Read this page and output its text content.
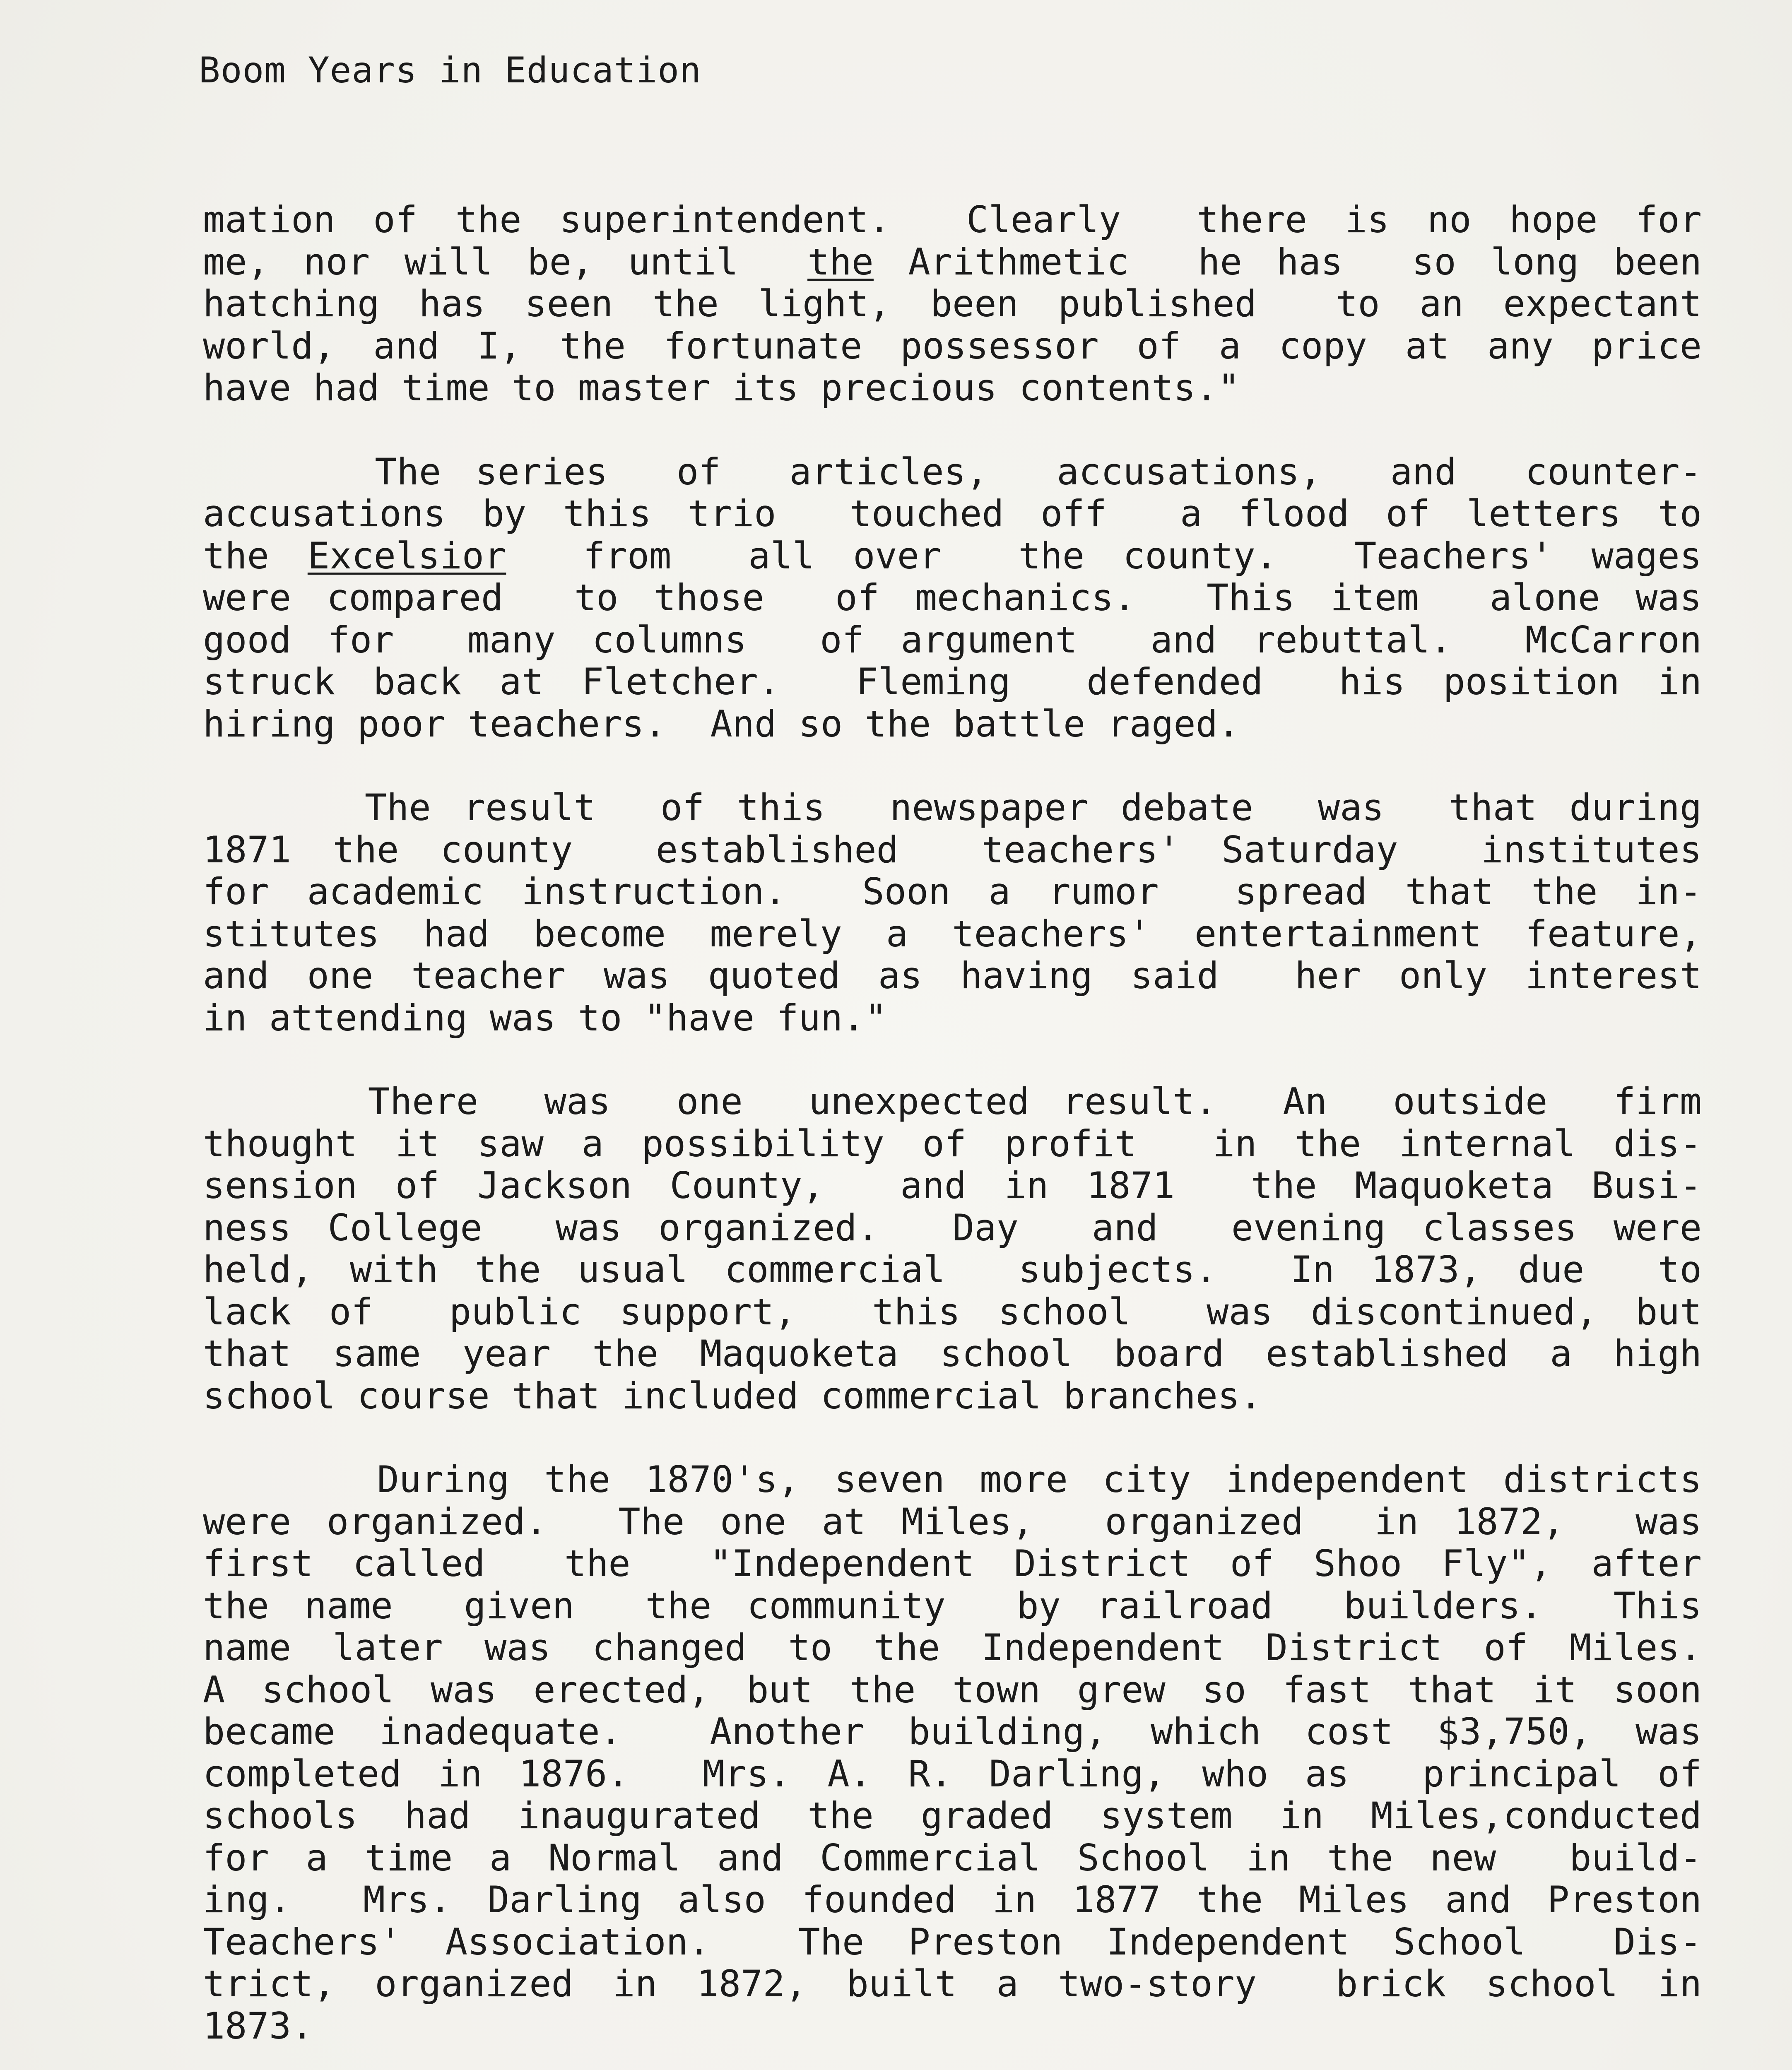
Boom Years in Education
mation of the superintendent.  Clearly  there is no hope for
me, nor will be, until  the Arithmetic  he has  so long been
hatching has seen the light, been published  to an expectant
world, and I, the fortunate possessor of a copy at any price
have had time to master its precious contents."
The series  of  articles,  accusations,  and  counter-
accusations by this trio  touched off  a flood of letters to
the Excelsior  from  all over  the county.  Teachers' wages
were compared  to those  of mechanics.  This item  alone was
good for  many columns  of argument  and rebuttal.  McCarron
struck back at Fletcher.  Fleming  defended  his position in
hiring poor teachers.  And so the battle raged.
The result  of this  newspaper debate  was  that during
1871 the county  established  teachers' Saturday  institutes
for academic instruction.  Soon a rumor  spread that the in-
stitutes had become merely a teachers' entertainment feature,
and one teacher was quoted as having said  her only interest
in attending was to "have fun."
There  was  one  unexpected result.  An  outside  firm
thought it saw a possibility of profit  in the internal dis-
sension of Jackson County,  and in 1871  the Maquoketa Busi-
ness College  was organized.  Day  and  evening classes were
held, with the usual commercial  subjects.  In 1873, due  to
lack of  public support,  this school  was discontinued, but
that same year the Maquoketa school board established a high
school course that included commercial branches.
During the 1870's, seven more city independent districts
were organized.  The one at Miles,  organized  in 1872,  was
first called  the  "Independent District of Shoo Fly", after
the name  given  the community  by railroad  builders.  This
name later was changed to the Independent District of Miles.
A school was erected, but the town grew so fast that it soon
became inadequate.  Another building, which cost $3,750, was
completed in 1876.  Mrs. A. R. Darling, who as  principal of
schools had inaugurated the graded system in Miles,conducted
for a time a Normal and Commercial School in the new  build-
ing.  Mrs. Darling also founded in 1877 the Miles and Preston
Teachers' Association.  The Preston Independent School  Dis-
trict, organized in 1872, built a two-story  brick school in
1873.
